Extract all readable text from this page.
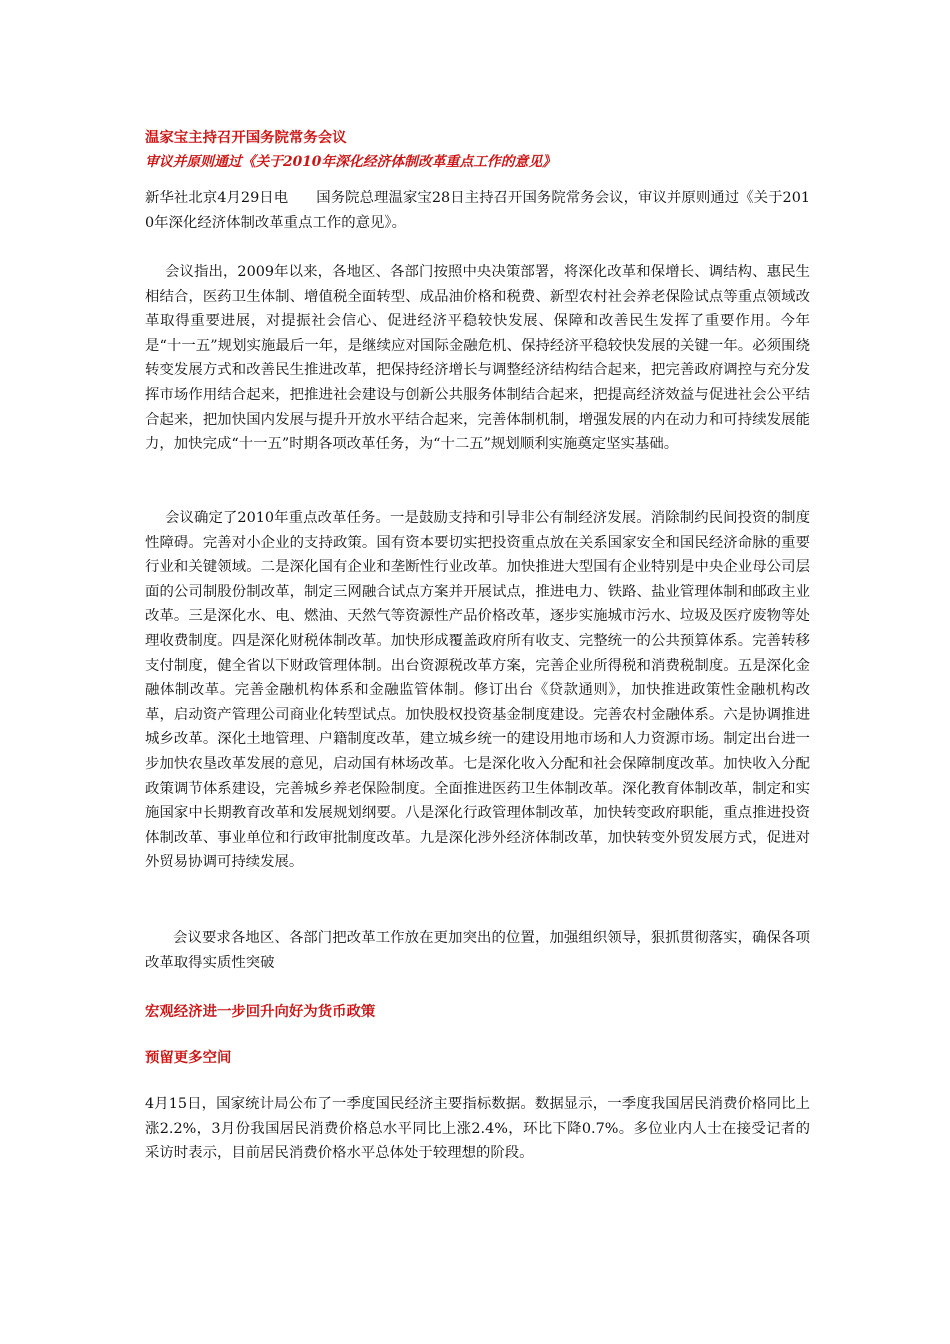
温家宝主持召开国务院常务会议
审议并原则通过《关于2010年深化经济体制改革重点工作的意见》

新华社北京4月29日电 国务院总理温家宝28日主持召开国务院常务会议，审议并原则通过《关于2010年深化经济体制改革重点工作的意见》。

会议指出，2009年以来，各地区、各部门按照中央决策部署，将深化改革和保增长、调结构、惠民生相结合，医药卫生体制、增值税全面转型、成品油价格和税费、新型农村社会养老保险试点等重点领域改革取得重要进展，对提振社会信心、促进经济平稳较快发展、保障和改善民生发挥了重要作用。今年是“十一五”规划实施最后一年，是继续应对国际金融危机、保持经济平稳较快发展的关键一年。必须围绕转变发展方式和改善民生推进改革，把保持经济增长与调整经济结构结合起来，把完善政府调控与充分发挥市场作用结合起来，把推进社会建设与创新公共服务体制结合起来，把提高经济效益与促进社会公平结合起来，把加快国内发展与提升开放水平结合起来，完善体制机制，增强发展的内在动力和可持续发展能力，加快完成“十一五”时期各项改革任务，为“十二五”规划顺利实施奠定坚实基础。

会议确定了2010年重点改革任务。一是鼓励支持和引导非公有制经济发展。消除制约民间投资的制度性障碍。完善对小企业的支持政策。国有资本要切实把投资重点放在关系国家安全和国民经济命脉的重要行业和关键领域。二是深化国有企业和垄断性行业改革。加快推进大型国有企业特别是中央企业母公司层面的公司制股份制改革，制定三网融合试点方案并开展试点，推进电力、铁路、盐业管理体制和邮政主业改革。三是深化水、电、燃油、天然气等资源性产品价格改革，逐步实施城市污水、垃圾及医疗废物等处理收费制度。四是深化财税体制改革。加快形成覆盖政府所有收支、完整统一的公共预算体系。完善转移支付制度，健全省以下财政管理体制。出台资源税改革方案，完善企业所得税和消费税制度。五是深化金融体制改革。完善金融机构体系和金融监管体制。修订出台《贷款通则》，加快推进政策性金融机构改革，启动资产管理公司商业化转型试点。加快股权投资基金制度建设。完善农村金融体系。六是协调推进城乡改革。深化土地管理、户籍制度改革，建立城乡统一的建设用地市场和人力资源市场。制定出台进一步加快农垦改革发展的意见，启动国有林场改革。七是深化收入分配和社会保障制度改革。加快收入分配政策调节体系建设，完善城乡养老保险制度。全面推进医药卫生体制改革。深化教育体制改革，制定和实施国家中长期教育改革和发展规划纲要。八是深化行政管理体制改革，加快转变政府职能，重点推进投资体制改革、事业单位和行政审批制度改革。九是深化涉外经济体制改革，加快转变外贸发展方式，促进对外贸易协调可持续发展。

会议要求各地区、各部门把改革工作放在更加突出的位置，加强组织领导，狠抓贯彻落实，确保各项改革取得实质性突破

宏观经济进一步回升向好为货币政策
预留更多空间

4月15日，国家统计局公布了一季度国民经济主要指标数据。数据显示，一季度我国居民消费价格同比上涨2.2%，3月份我国居民消费价格总水平同比上涨2.4%，环比下降0.7%。多位业内人士在接受记者的采访时表示，目前居民消费价格水平总体处于较理想的阶段。
